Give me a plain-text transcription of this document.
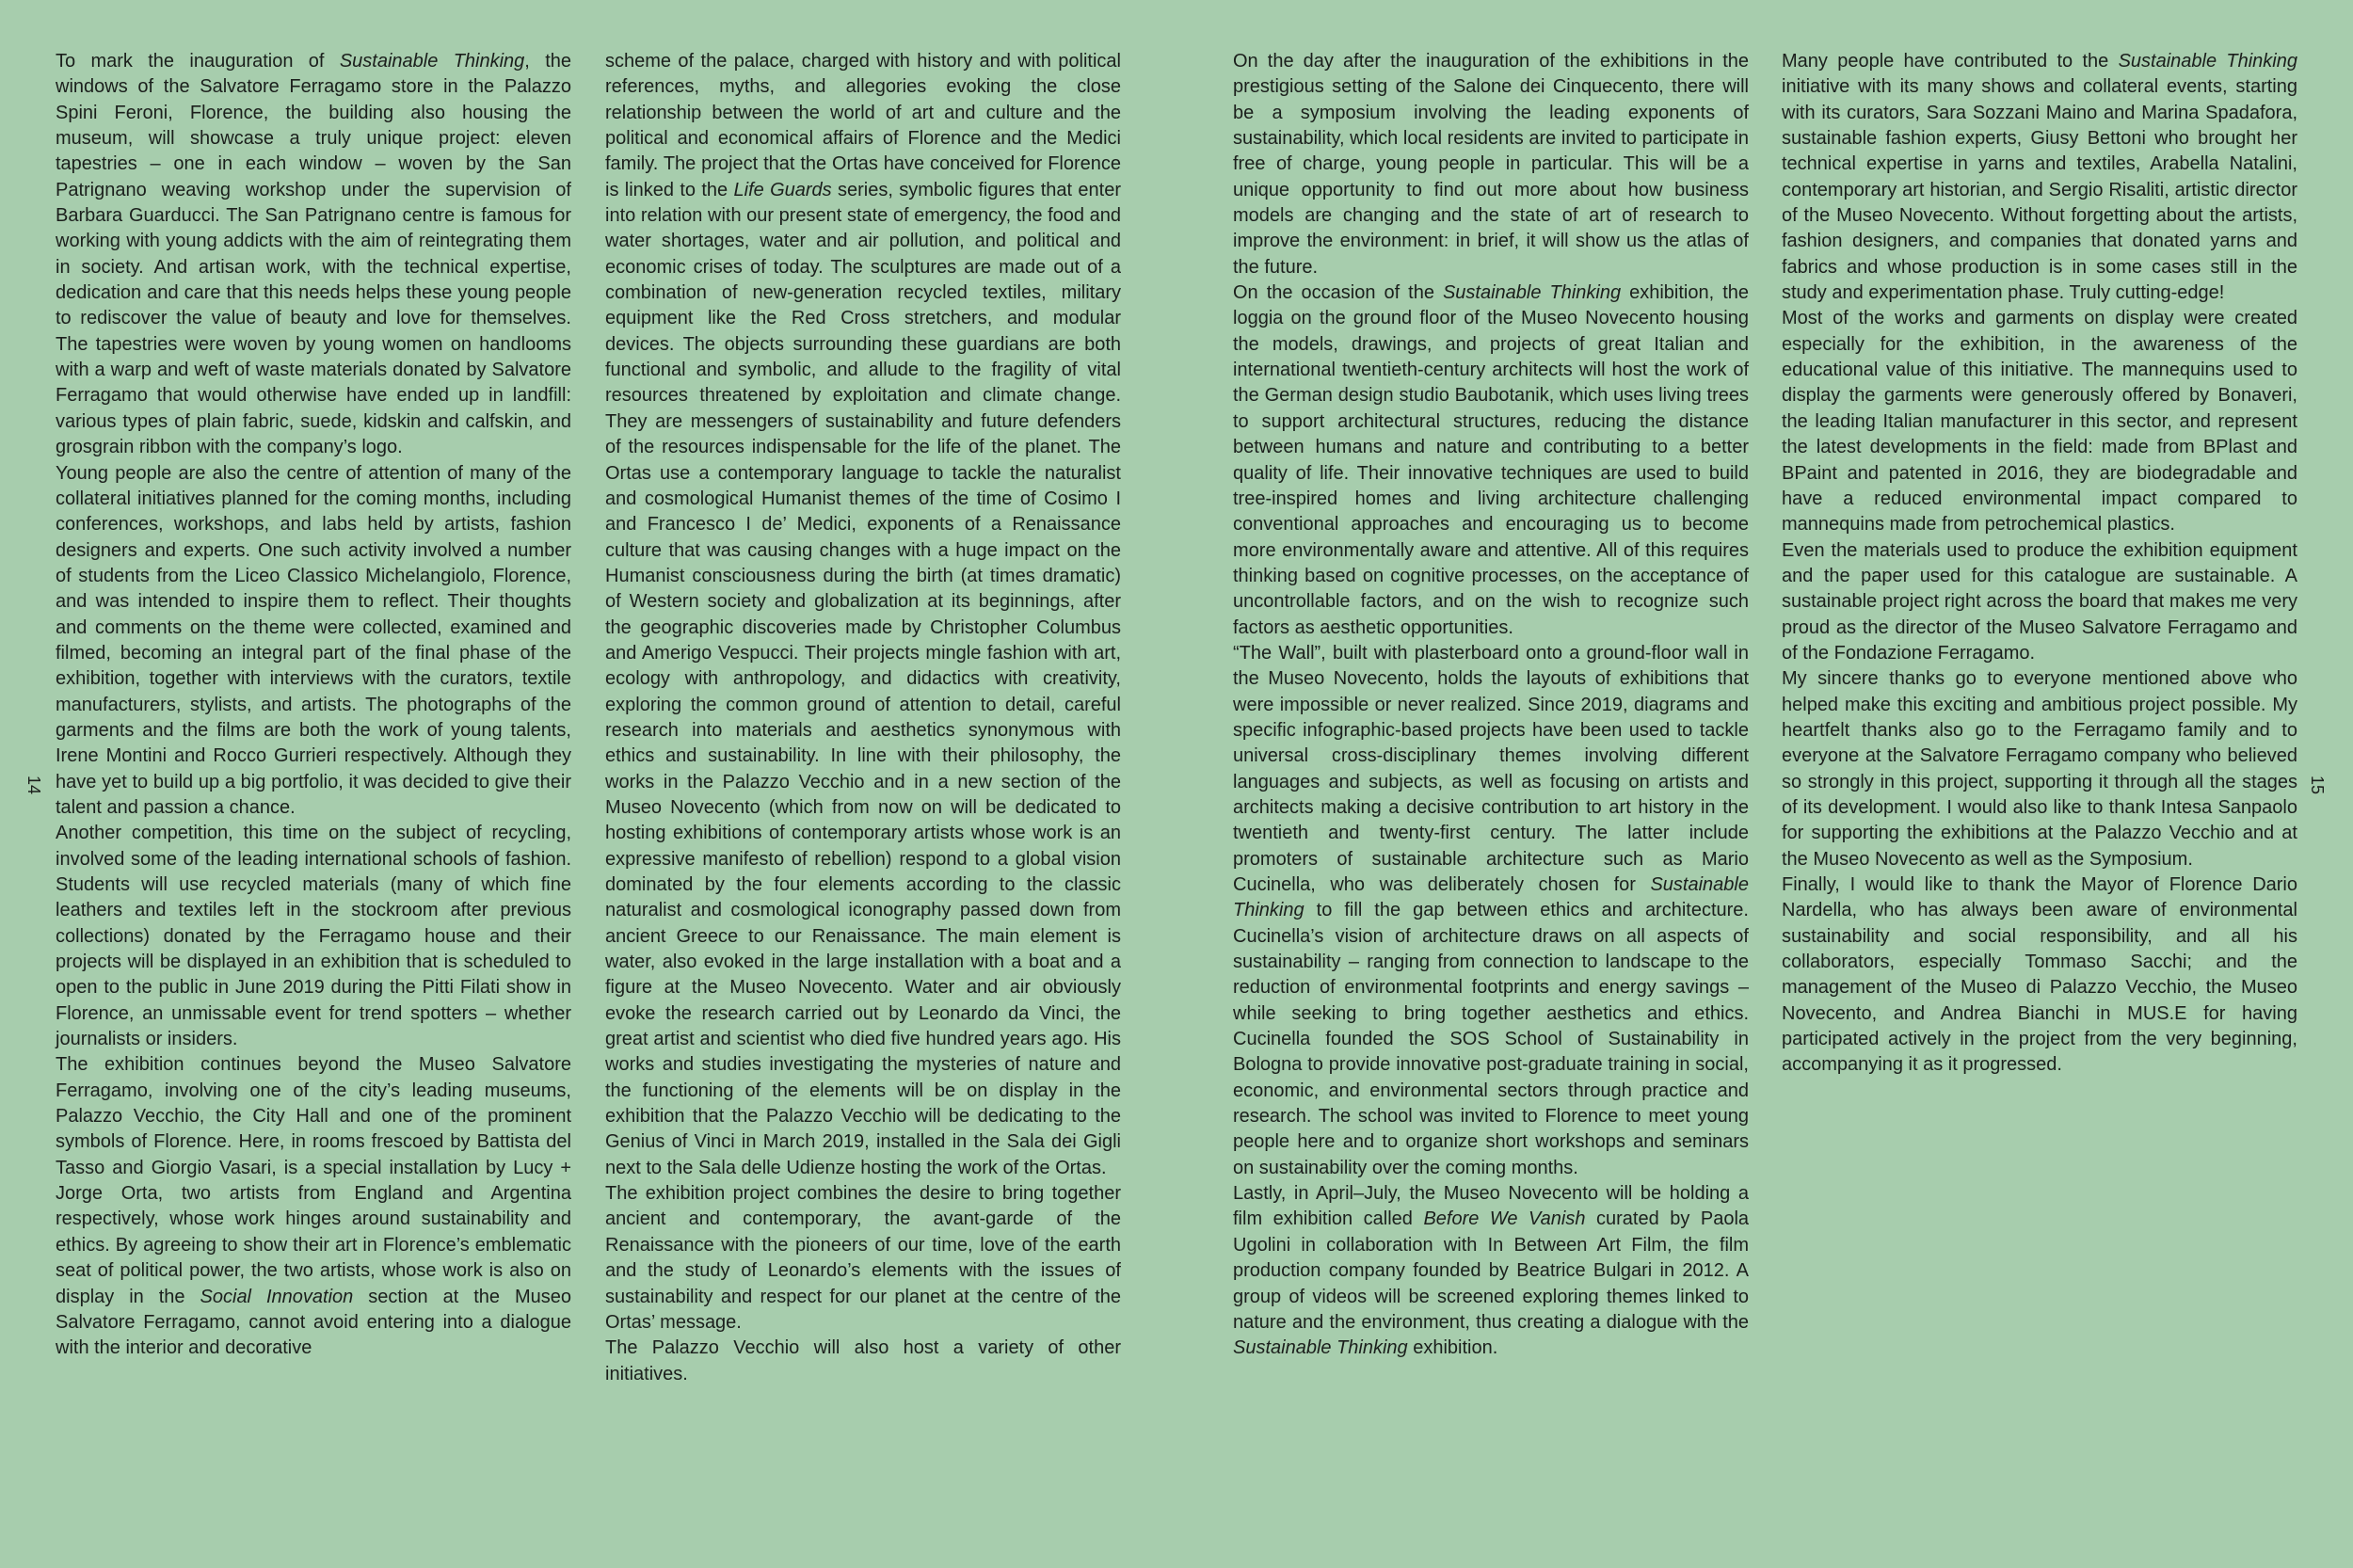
14	15

To mark the inauguration of Sustainable Thinking, the windows of the Salvatore Ferragamo store in the Palazzo Spini Feroni, Florence, the building also housing the museum, will showcase a truly unique project: eleven tapestries – one in each window – woven by the San Patrignano weaving workshop under the supervision of Barbara Guarducci. The San Patrignano centre is famous for working with young addicts with the aim of reintegrating them in society. And artisan work, with the technical expertise, dedication and care that this needs helps these young people to rediscover the value of beauty and love for themselves. The tapestries were woven by young women on handlooms with a warp and weft of waste materials donated by Salvatore Ferragamo that would otherwise have ended up in landfill: various types of plain fabric, suede, kidskin and calfskin, and grosgrain ribbon with the company’s logo.

Young people are also the centre of attention of many of the collateral initiatives planned for the coming months, including conferences, workshops, and labs held by artists, fashion designers and experts. One such activity involved a number of students from the Liceo Classico Michelangiolo, Florence, and was intended to inspire them to reflect. Their thoughts and comments on the theme were collected, examined and filmed, becoming an integral part of the final phase of the exhibition, together with interviews with the curators, textile manufacturers, stylists, and artists. The photographs of the garments and the films are both the work of young talents, Irene Montini and Rocco Gurrieri respectively. Although they have yet to build up a big portfolio, it was decided to give their talent and passion a chance.

Another competition, this time on the subject of recycling, involved some of the leading international schools of fashion. Students will use recycled materials (many of which fine leathers and textiles left in the stockroom after previous collections) donated by the Ferragamo house and their projects will be displayed in an exhibition that is scheduled to open to the public in June 2019 during the Pitti Filati show in Florence, an unmissable event for trend spotters – whether journalists or insiders.

The exhibition continues beyond the Museo Salvatore Ferragamo, involving one of the city’s leading museums, Palazzo Vecchio, the City Hall and one of the prominent symbols of Florence. Here, in rooms frescoed by Battista del Tasso and Giorgio Vasari, is a special installation by Lucy + Jorge Orta, two artists from England and Argentina respectively, whose work hinges around sustainability and ethics. By agreeing to show their art in Florence’s emblematic seat of political power, the two artists, whose work is also on display in the Social Innovation section at the Museo Salvatore Ferragamo, cannot avoid entering into a dialogue with the interior and decorative

scheme of the palace, charged with history and with political references, myths, and allegories evoking the close relationship between the world of art and culture and the political and economical affairs of Florence and the Medici family. The project that the Ortas have conceived for Florence is linked to the Life Guards series, symbolic figures that enter into relation with our present state of emergency, the food and water shortages, water and air pollution, and political and economic crises of today. The sculptures are made out of a combination of new-generation recycled textiles, military equipment like the Red Cross stretchers, and modular devices. The objects surrounding these guardians are both functional and symbolic, and allude to the fragility of vital resources threatened by exploitation and climate change. They are messengers of sustainability and future defenders of the resources indispensable for the life of the planet. The Ortas use a contemporary language to tackle the naturalist and cosmological Humanist themes of the time of Cosimo I and Francesco I de’ Medici, exponents of a Renaissance culture that was causing changes with a huge impact on the Humanist consciousness during the birth (at times dramatic) of Western society and globalization at its beginnings, after the geographic discoveries made by Christopher Columbus and Amerigo Vespucci. Their projects mingle fashion with art, ecology with anthropology, and didactics with creativity, exploring the common ground of attention to detail, careful research into materials and aesthetics synonymous with ethics and sustainability. In line with their philosophy, the works in the Palazzo Vecchio and in a new section of the Museo Novecento (which from now on will be dedicated to hosting exhibitions of contemporary artists whose work is an expressive manifesto of rebellion) respond to a global vision dominated by the four elements according to the classic naturalist and cosmological iconography passed down from ancient Greece to our Renaissance. The main element is water, also evoked in the large installation with a boat and a figure at the Museo Novecento. Water and air obviously evoke the research carried out by Leonardo da Vinci, the great artist and scientist who died five hundred years ago. His works and studies investigating the mysteries of nature and the functioning of the elements will be on display in the exhibition that the Palazzo Vecchio will be dedicating to the Genius of Vinci in March 2019, installed in the Sala dei Gigli next to the Sala delle Udienze hosting the work of the Ortas.

The exhibition project combines the desire to bring together ancient and contemporary, the avant-garde of the Renaissance with the pioneers of our time, love of the earth and the study of Leonardo’s elements with the issues of sustainability and respect for our planet at the centre of the Ortas’ message.

The Palazzo Vecchio will also host a variety of other initiatives.

On the day after the inauguration of the exhibitions in the prestigious setting of the Salone dei Cinquecento, there will be a symposium involving the leading exponents of sustainability, which local residents are invited to participate in free of charge, young people in particular. This will be a unique opportunity to find out more about how business models are changing and the state of art of research to improve the environment: in brief, it will show us the atlas of the future.

On the occasion of the Sustainable Thinking exhibition, the loggia on the ground floor of the Museo Novecento housing the models, drawings, and projects of great Italian and international twentieth-century architects will host the work of the German design studio Baubotanik, which uses living trees to support architectural structures, reducing the distance between humans and nature and contributing to a better quality of life. Their innovative techniques are used to build tree-inspired homes and living architecture challenging conventional approaches and encouraging us to become more environmentally aware and attentive. All of this requires thinking based on cognitive processes, on the acceptance of uncontrollable factors, and on the wish to recognize such factors as aesthetic opportunities.

“The Wall”, built with plasterboard onto a ground-floor wall in the Museo Novecento, holds the layouts of exhibitions that were impossible or never realized. Since 2019, diagrams and specific infographic-based projects have been used to tackle universal cross-disciplinary themes involving different languages and subjects, as well as focusing on artists and architects making a decisive contribution to art history in the twentieth and twenty-first century. The latter include promoters of sustainable architecture such as Mario Cucinella, who was deliberately chosen for Sustainable Thinking to fill the gap between ethics and architecture. Cucinella’s vision of architecture draws on all aspects of sustainability – ranging from connection to landscape to the reduction of environmental footprints and energy savings – while seeking to bring together aesthetics and ethics. Cucinella founded the SOS School of Sustainability in Bologna to provide innovative post-graduate training in social, economic, and environmental sectors through practice and research. The school was invited to Florence to meet young people here and to organize short workshops and seminars on sustainability over the coming months.

Lastly, in April–July, the Museo Novecento will be holding a film exhibition called Before We Vanish curated by Paola Ugolini in collaboration with In Between Art Film, the film production company founded by Beatrice Bulgari in 2012. A group of videos will be screened exploring themes linked to nature and the environment, thus creating a dialogue with the Sustainable Thinking exhibition.

Many people have contributed to the Sustainable Thinking initiative with its many shows and collateral events, starting with its curators, Sara Sozzani Maino and Marina Spadafora, sustainable fashion experts, Giusy Bettoni who brought her technical expertise in yarns and textiles, Arabella Natalini, contemporary art historian, and Sergio Risaliti, artistic director of the Museo Novecento. Without forgetting about the artists, fashion designers, and companies that donated yarns and fabrics and whose production is in some cases still in the study and experimentation phase. Truly cutting-edge!

Most of the works and garments on display were created especially for the exhibition, in the awareness of the educational value of this initiative. The mannequins used to display the garments were generously offered by Bonaveri, the leading Italian manufacturer in this sector, and represent the latest developments in the field: made from BPlast and BPaint and patented in 2016, they are biodegradable and have a reduced environmental impact compared to mannequins made from petrochemical plastics.

Even the materials used to produce the exhibition equipment and the paper used for this catalogue are sustainable. A sustainable project right across the board that makes me very proud as the director of the Museo Salvatore Ferragamo and of the Fondazione Ferragamo.

My sincere thanks go to everyone mentioned above who helped make this exciting and ambitious project possible. My heartfelt thanks also go to the Ferragamo family and to everyone at the Salvatore Ferragamo company who believed so strongly in this project, supporting it through all the stages of its development. I would also like to thank Intesa Sanpaolo for supporting the exhibitions at the Palazzo Vecchio and at the Museo Novecento as well as the Symposium.

Finally, I would like to thank the Mayor of Florence Dario Nardella, who has always been aware of environmental sustainability and social responsibility, and all his collaborators, especially Tommaso Sacchi; and the management of the Museo di Palazzo Vecchio, the Museo Novecento, and Andrea Bianchi in MUS.E for having participated actively in the project from the very beginning, accompanying it as it progressed.
